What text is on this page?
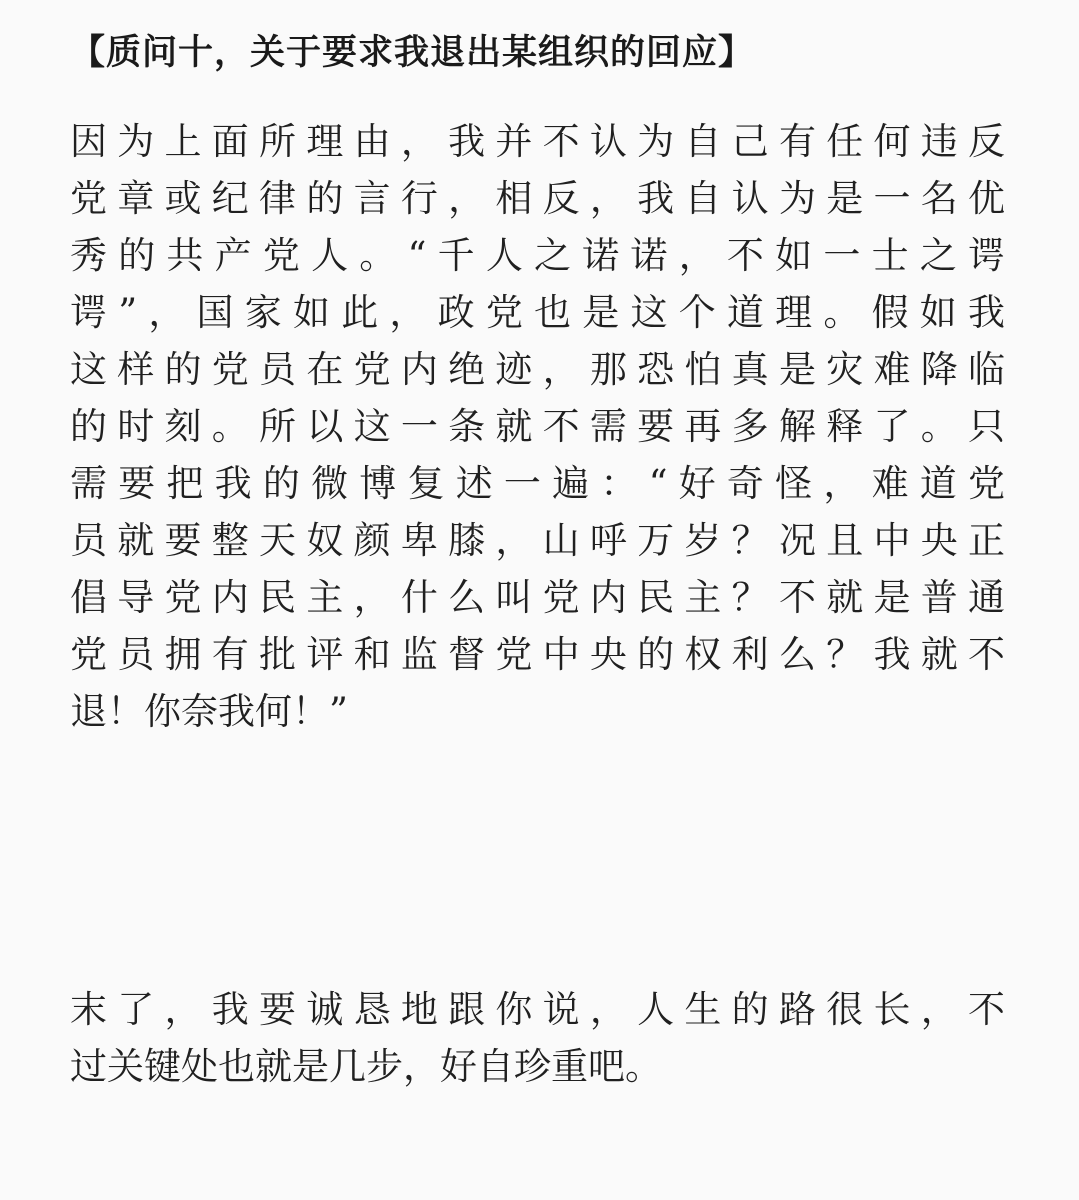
【质问十，关于要求我退出某组织的回应】
因为上面所理由，我并不认为自己有任何违反
党章或纪律的言行，相反，我自认为是一名优
秀的共产党人。“千人之诺诺，不如一士之谔
谔”，国家如此，政党也是这个道理。假如我
这样的党员在党内绝迹，那恐怕真是灾难降临
的时刻。所以这一条就不需要再多解释了。只
需要把我的微博复述一遍：“好奇怪，难道党
员就要整天奴颜卑膝，山呼万岁？况且中央正
倡导党内民主，什么叫党内民主？不就是普通
党员拥有批评和监督党中央的权利么？我就不
退！你奈我何！”
末了，我要诚恳地跟你说，人生的路很长，不
过关键处也就是几步，好自珍重吧。
